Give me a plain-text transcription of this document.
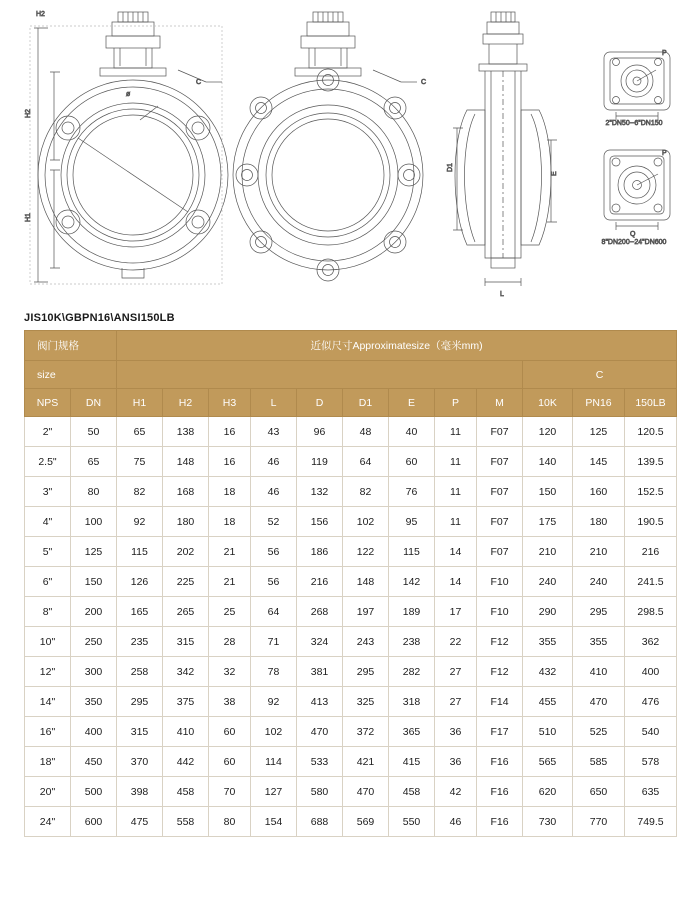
H2
H2
H1
C
ø
C
D1
E
L
2"DN50--6"DN150
8"DN200--24"DN600
P
P
Q
JIS10K\GBPN16\ANSI150LB
阀门规格		近似尺寸Approximatesize（毫米mm)											

size											C		
NPS	DN	H1	H2	H3	L	D	D1	E	P	M	10K	PN16	150LB
2"	50	65	138	16	43	96	48	40	11	F07	120	125	120.5
2.5"	65	75	148	16	46	119	64	60	11	F07	140	145	139.5
3"	80	82	168	18	46	132	82	76	11	F07	150	160	152.5
4"	100	92	180	18	52	156	102	95	11	F07	175	180	190.5
5"	125	115	202	21	56	186	122	115	14	F07	210	210	216
6"	150	126	225	21	56	216	148	142	14	F10	240	240	241.5
8"	200	165	265	25	64	268	197	189	17	F10	290	295	298.5
10"	250	235	315	28	71	324	243	238	22	F12	355	355	362
12"	300	258	342	32	78	381	295	282	27	F12	432	410	400
14"	350	295	375	38	92	413	325	318	27	F14	455	470	476
16"	400	315	410	60	102	470	372	365	36	F17	510	525	540
18"	450	370	442	60	114	533	421	415	36	F16	565	585	578
20"	500	398	458	70	127	580	470	458	42	F16	620	650	635
24"	600	475	558	80	154	688	569	550	46	F16	730	770	749.5
